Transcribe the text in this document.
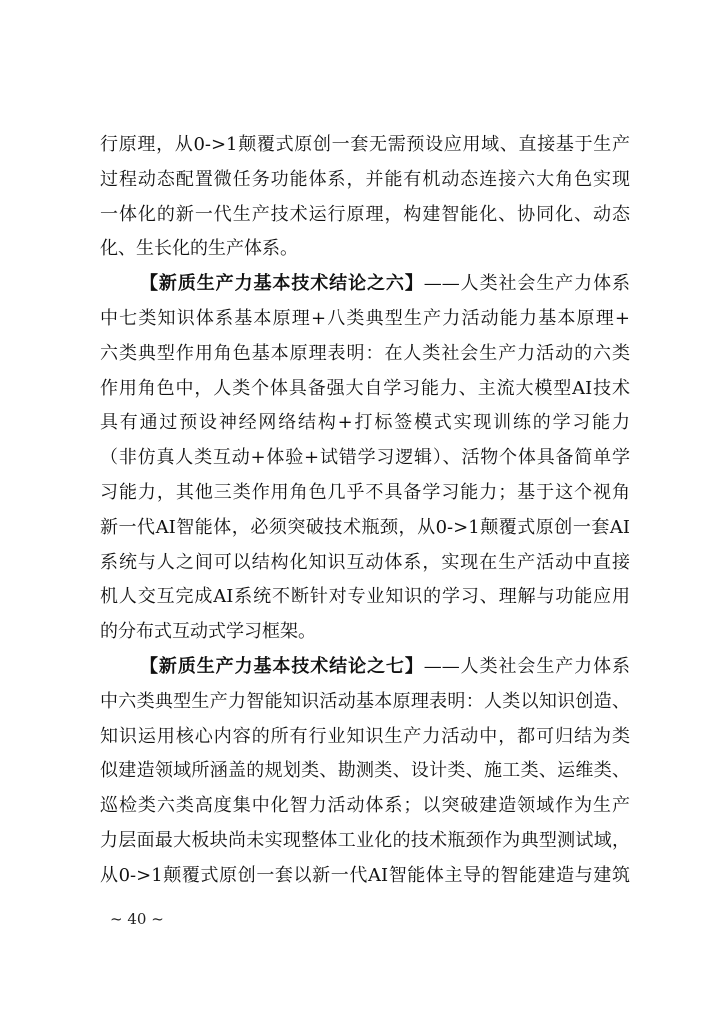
行原理，从0->1颠覆式原创一套无需预设应用域、直接基于生产
过程动态配置微任务功能体系，并能有机动态连接六大角色实现
一体化的新一代生产技术运行原理，构建智能化、协同化、动态
化、生长化的生产体系。
【新质生产力基本技术结论之六】——人类社会生产力体系
中七类知识体系基本原理+八类典型生产力活动能力基本原理+
六类典型作用角色基本原理表明：在人类社会生产力活动的六类
作用角色中，人类个体具备强大自学习能力、主流大模型AI技术
具有通过预设神经网络结构+打标签模式实现训练的学习能力
（非仿真人类互动+体验+试错学习逻辑）、活物个体具备简单学
习能力，其他三类作用角色几乎不具备学习能力；基于这个视角
新一代AI智能体，必须突破技术瓶颈，从0->1颠覆式原创一套AI
系统与人之间可以结构化知识互动体系，实现在生产活动中直接
机人交互完成AI系统不断针对专业知识的学习、理解与功能应用
的分布式互动式学习框架。
【新质生产力基本技术结论之七】——人类社会生产力体系
中六类典型生产力智能知识活动基本原理表明：人类以知识创造、
知识运用核心内容的所有行业知识生产力活动中，都可归结为类
似建造领域所涵盖的规划类、勘测类、设计类、施工类、运维类、
巡检类六类高度集中化智力活动体系；以突破建造领域作为生产
力层面最大板块尚未实现整体工业化的技术瓶颈作为典型测试域，
从0->1颠覆式原创一套以新一代AI智能体主导的智能建造与建筑
~ 40 ~
